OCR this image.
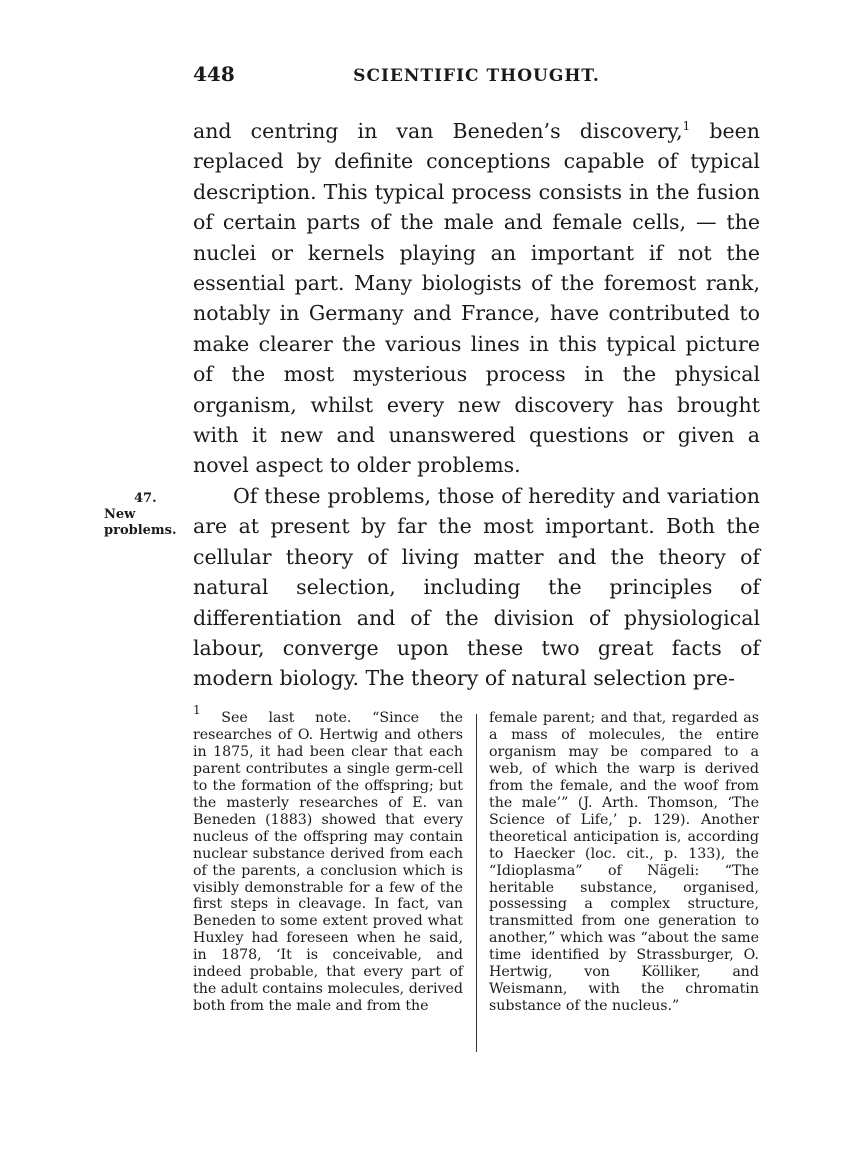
448	SCIENTIFIC THOUGHT.
47.
New
problems.

and centring in van Beneden’s discovery,$^1$ been replaced by definite conceptions capable of typical description. This typical process consists in the fusion of certain parts of the male and female cells, — the nuclei or kernels playing an important if not the essential part. Many biologists of the foremost rank, notably in Germany and France, have contributed to make clearer the various lines in this typical picture of the most mysterious process in the physical organism, whilst every new discovery has brought with it new and unanswered questions or given a novel aspect to older problems.

Of these problems, those of heredity and variation are at present by far the most important. Both the cellular theory of living matter and the theory of natural selection, including the principles of differentiation and of the division of physiological labour, converge upon these two great facts of modern biology. The theory of natural selection pre-

$^1$ See last note. “Since the researches of O. Hertwig and others in 1875, it had been clear that each parent contributes a single germ-cell to the formation of the offspring; but the masterly researches of E. van Beneden (1883) showed that every nucleus of the offspring may contain nuclear substance derived from each of the parents, a conclusion which is visibly demonstrable for a few of the first steps in cleavage. In fact, van Beneden to some extent proved what Huxley had foreseen when he said, in 1878, ‘It is conceivable, and indeed probable, that every part of the adult contains molecules, derived both from the male and from the
female parent; and that, regarded as a mass of molecules, the entire organism may be compared to a web, of which the warp is derived from the female, and the woof from the male’” (J. Arth. Thomson, ‘The Science of Life,’ p. 129). Another theoretical anticipation is, according to Haecker (loc. cit., p. 133), the “Idioplasma” of Nägeli: “The heritable substance, organised, possessing a complex structure, transmitted from one generation to another,” which was “about the same time identified by Strassburger, O. Hertwig, von Kölliker, and Weismann, with the chromatin substance of the nucleus.”
